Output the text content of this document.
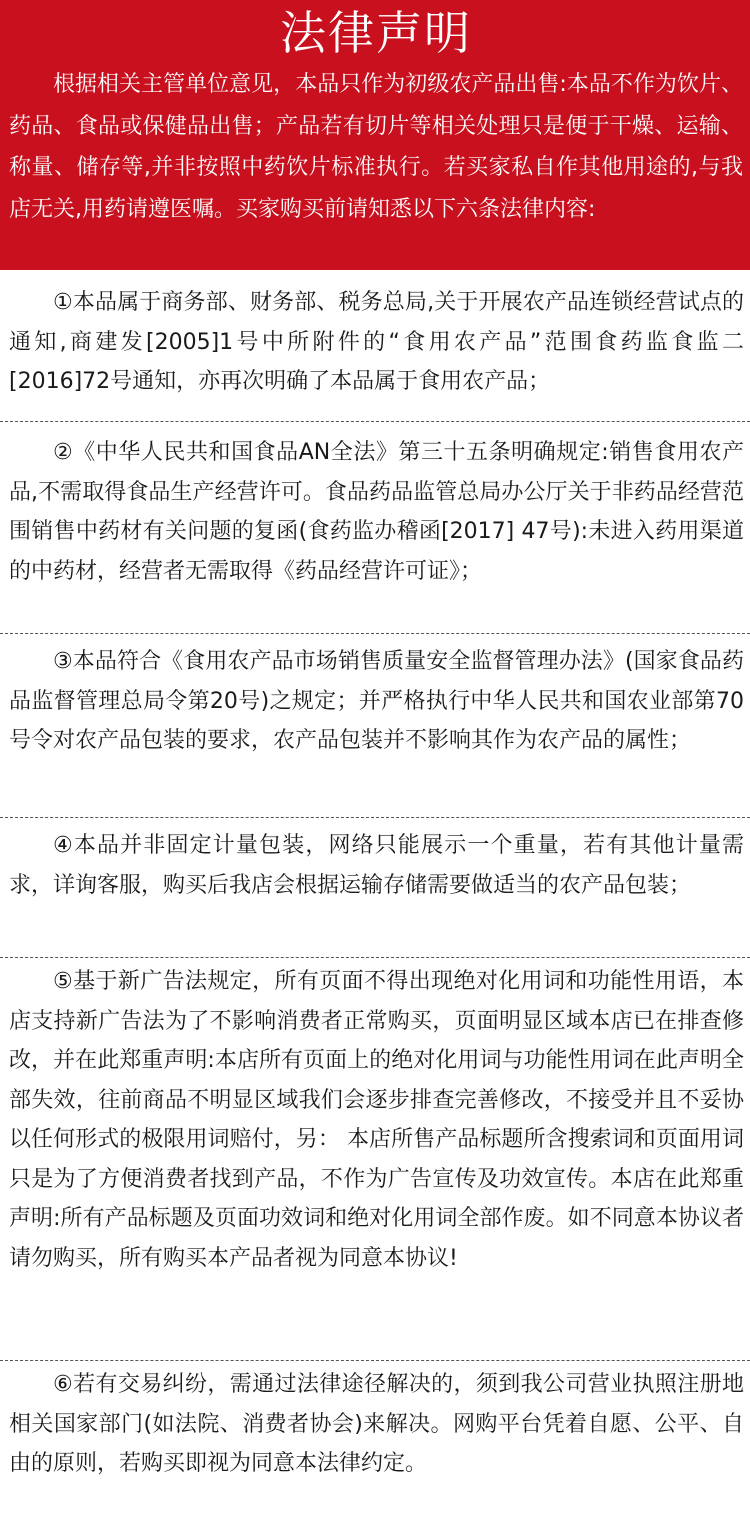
法律声明

根据相关主管单位意见，本品只作为初级农产品出售:本品不作为饮片、药品、食品或保健品出售；产品若有切片等相关处理只是便于干燥、运输、称量、储存等,并非按照中药饮片标准执行。若买家私自作其他用途的,与我店无关,用药请遵医嘱。买家购买前请知悉以下六条法律内容:

①本品属于商务部、财务部、税务总局,关于开展农产品连锁经营试点的通知,商建发[2005]1号中所附件的“食用农产品”范围食药监食监二[2016]72号通知，亦再次明确了本品属于食用农产品；

②《中华人民共和国食品AN全法》第三十五条明确规定:销售食用农产品,不需取得食品生产经营许可。食品药品监管总局办公厅关于非药品经营范围销售中药材有关问题的复函(食药监办稽函[2017] 47号):未进入药用渠道的中药材，经营者无需取得《药品经营许可证》；

③本品符合《食用农产品市场销售质量安全监督管理办法》(国家食品药品监督管理总局令第20号)之规定；并严格执行中华人民共和国农业部第70号令对农产品包装的要求，农产品包装并不影响其作为农产品的属性；

④本品并非固定计量包装，网络只能展示一个重量，若有其他计量需求，详询客服，购买后我店会根据运输存储需要做适当的农产品包装；

⑤基于新广告法规定，所有页面不得出现绝对化用词和功能性用语，本店支持新广告法为了不影响消费者正常购买，页面明显区域本店已在排查修改，并在此郑重声明:本店所有页面上的绝对化用词与功能性用词在此声明全部失效，往前商品不明显区域我们会逐步排查完善修改，不接受并且不妥协以任何形式的极限用词赔付，另： 本店所售产品标题所含搜索词和页面用词只是为了方便消费者找到产品，不作为广告宣传及功效宣传。本店在此郑重声明:所有产品标题及页面功效词和绝对化用词全部作废。如不同意本协议者请勿购买，所有购买本产品者视为同意本协议!

⑥若有交易纠纷，需通过法律途径解决的，须到我公司营业执照注册地相关国家部门(如法院、消费者协会)来解决。网购平台凭着自愿、公平、自由的原则，若购买即视为同意本法律约定。
